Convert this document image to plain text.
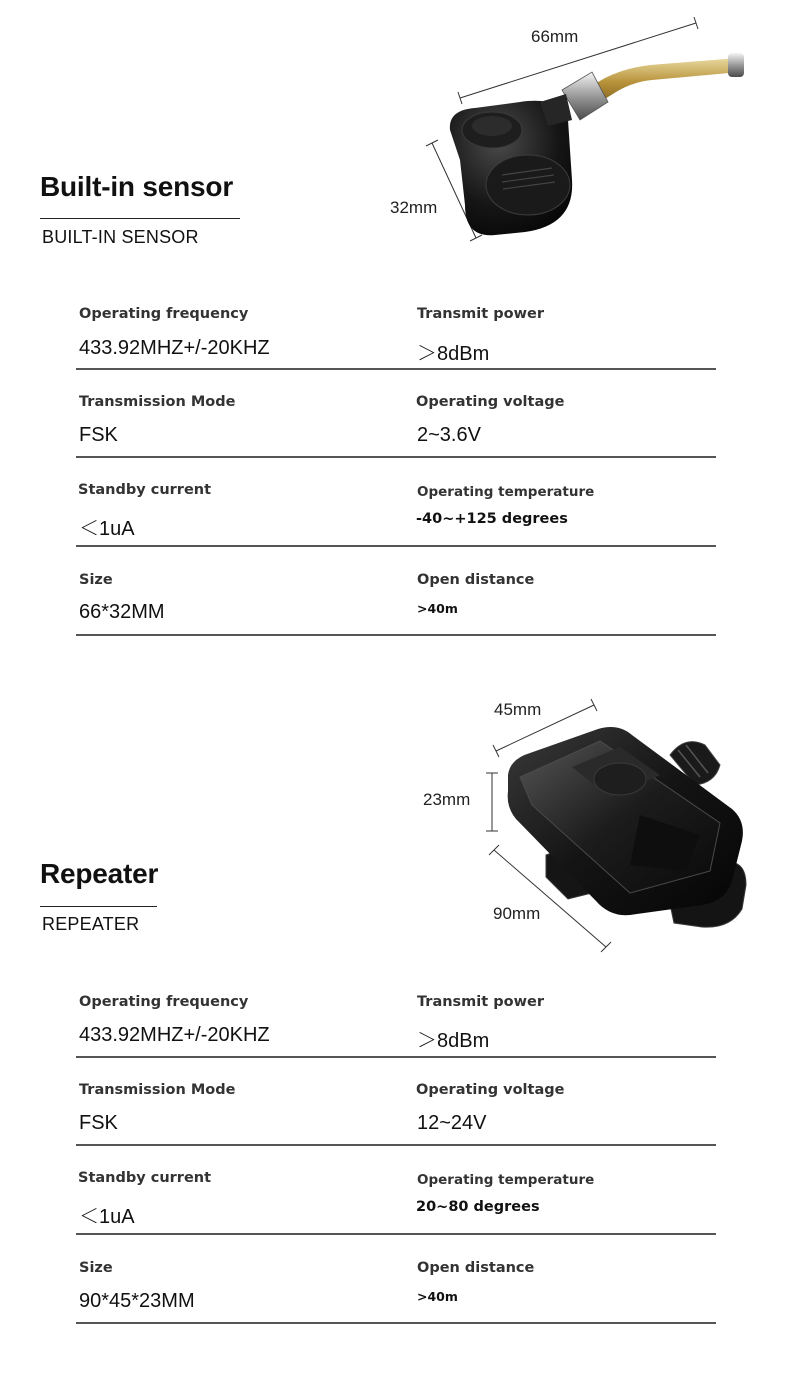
Built-in sensor
BUILT-IN SENSOR
66mm
32mm
Operating frequency
433.92MHZ+/-20KHZ
Transmit power
＞8dBm
Transmission Mode
FSK
Operating voltage
2~3.6V
Standby current
＜1uA
Operating temperature
-40~+125 degrees
Size
66*32MM
Open distance
>40m
Repeater
REPEATER
45mm
23mm
90mm
Operating frequency
433.92MHZ+/-20KHZ
Transmit power
＞8dBm
Transmission Mode
FSK
Operating voltage
12~24V
Standby current
＜1uA
Operating temperature
20~80 degrees
Size
90*45*23MM
Open distance
>40m
